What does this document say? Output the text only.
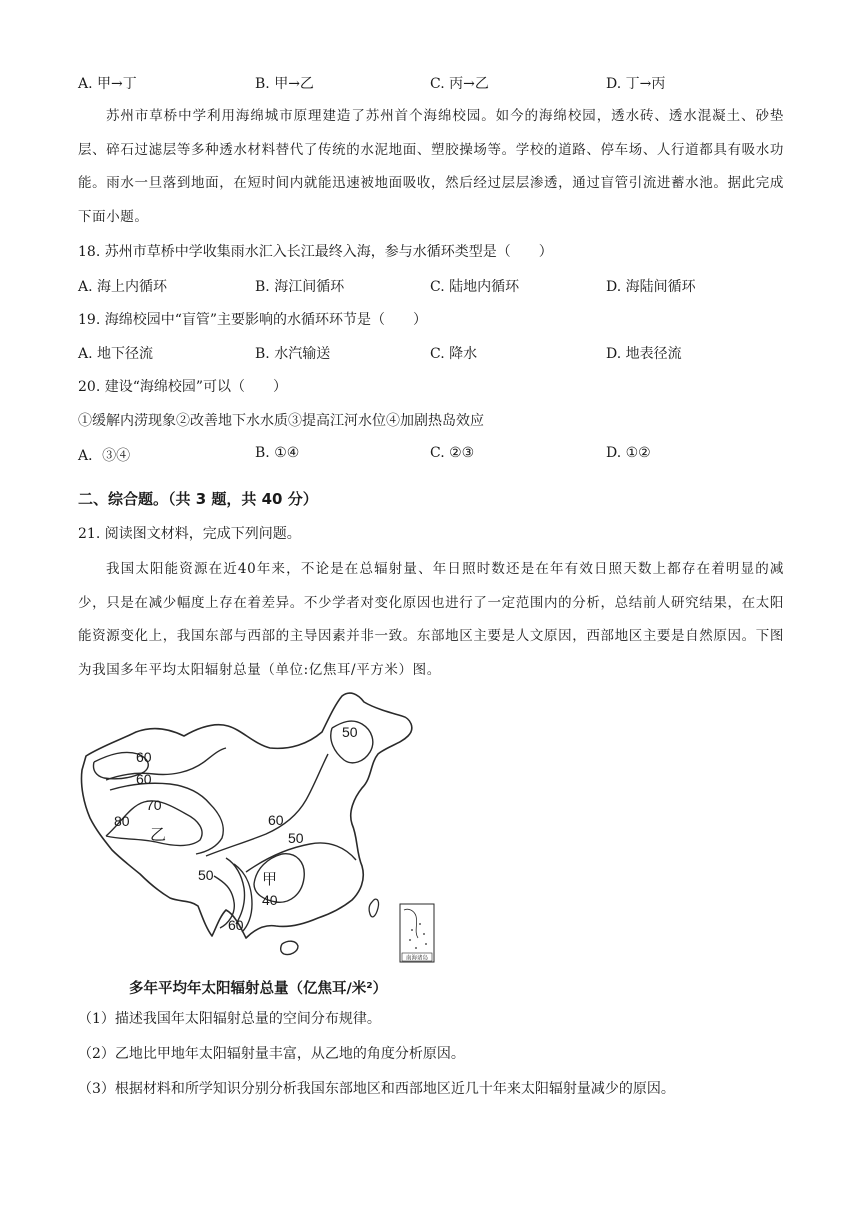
A. 甲→丁	B. 甲→乙	C. 丙→乙	D. 丁→丙
苏州市草桥中学利用海绵城市原理建造了苏州首个海绵校园。如今的海绵校园，透水砖、透水混凝土、砂垫层、碎石过滤层等多种透水材料替代了传统的水泥地面、塑胶操场等。学校的道路、停车场、人行道都具有吸水功能。雨水一旦落到地面，在短时间内就能迅速被地面吸收，然后经过层层渗透，通过盲管引流进蓄水池。据此完成下面小题。
18. 苏州市草桥中学收集雨水汇入长江最终入海，参与水循环类型是（　　）
A. 海上内循环	B. 海江间循环	C. 陆地内循环	D. 海陆间循环
19. 海绵校园中“盲管”主要影响的水循环环节是（　　）
A. 地下径流	B. 水汽输送	C. 降水	D. 地表径流
20. 建设“海绵校园”可以（　　）
①缓解内涝现象②改善地下水水质③提高江河水位④加剧热岛效应
A．③④	B. ①④	C. ②③	D. ①②
二、综合题。（共 3 题，共 40 分）
21. 阅读图文材料，完成下列问题。
我国太阳能资源在近40年来，不论是在总辐射量、年日照时数还是在年有效日照天数上都存在着明显的减少，只是在减少幅度上存在着差异。不少学者对变化原因也进行了一定范围内的分析，总结前人研究结果，在太阳能资源变化上，我国东部与西部的主导因素并非一致。东部地区主要是人文原因，西部地区主要是自然原因。下图为我国多年平均太阳辐射总量（单位:亿焦耳/平方米）图。
南海诸岛
50
60
60
70
80
乙
60
50
50	甲
40
60
多年平均年太阳辐射总量（亿焦耳/米²）
（1）描述我国年太阳辐射总量的空间分布规律。
（2）乙地比甲地年太阳辐射量丰富，从乙地的角度分析原因。
（3）根据材料和所学知识分别分析我国东部地区和西部地区近几十年来太阳辐射量减少的原因。
